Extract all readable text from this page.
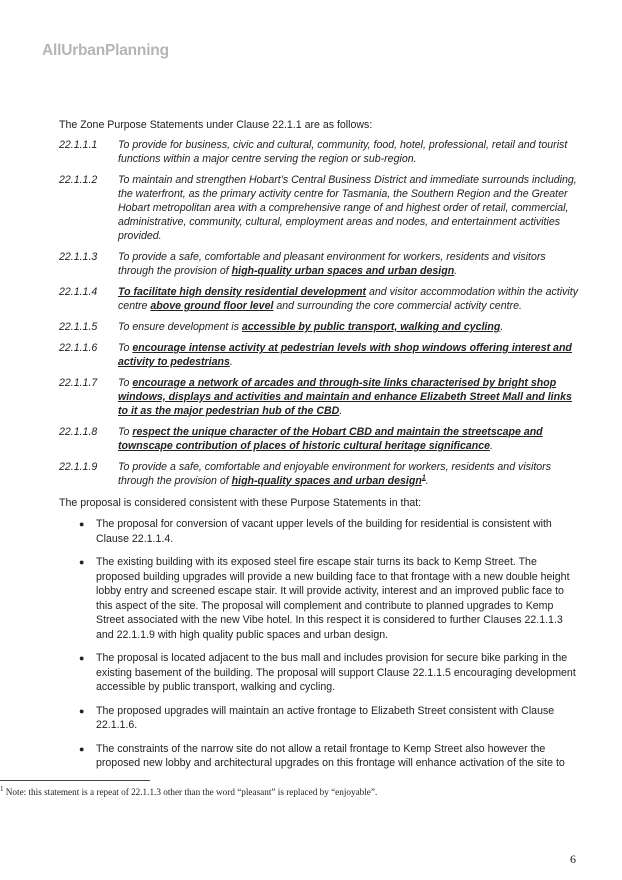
AllUrbanPlanning

The Zone Purpose Statements under Clause 22.1.1 are as follows:

22.1.1.1	To provide for business, civic and cultural, community, food, hotel, professional, retail and tourist functions within a major centre serving the region or sub-region.
22.1.1.2	To maintain and strengthen Hobart’s Central Business District and immediate surrounds including, the waterfront, as the primary activity centre for Tasmania, the Southern Region and the Greater Hobart metropolitan area with a comprehensive range of and highest order of retail, commercial, administrative, community, cultural, employment areas and nodes, and entertainment activities provided.
22.1.1.3	To provide a safe, comfortable and pleasant environment for workers, residents and visitors through the provision of high-quality urban spaces and urban design.
22.1.1.4	To facilitate high density residential development and visitor accommodation within the activity centre above ground floor level and surrounding the core commercial activity centre.
22.1.1.5	To ensure development is accessible by public transport, walking and cycling.
22.1.1.6	To encourage intense activity at pedestrian levels with shop windows offering interest and activity to pedestrians.
22.1.1.7	To encourage a network of arcades and through-site links characterised by bright shop windows, displays and activities and maintain and enhance Elizabeth Street Mall and links to it as the major pedestrian hub of the CBD.
22.1.1.8	To respect the unique character of the Hobart CBD and maintain the streetscape and townscape contribution of places of historic cultural heritage significance.
22.1.1.9	To provide a safe, comfortable and enjoyable environment for workers, residents and visitors through the provision of high-quality spaces and urban design$^1$.

The proposal is considered consistent with these Purpose Statements in that:

●	The proposal for conversion of vacant upper levels of the building for residential is consistent with Clause 22.1.1.4.
●	The existing building with its exposed steel fire escape stair turns its back to Kemp Street. The proposed building upgrades will provide a new building face to that frontage with a new double height lobby entry and screened escape stair. It will provide activity, interest and an improved public face to this aspect of the site. The proposal will complement and contribute to planned upgrades to Kemp Street associated with the new Vibe hotel. In this respect it is considered to further Clauses 22.1.1.3 and 22.1.1.9 with high quality public spaces and urban design.
●	The proposal is located adjacent to the bus mall and includes provision for secure bike parking in the existing basement of the building. The proposal will support Clause 22.1.1.5 encouraging development accessible by public transport, walking and cycling.
●	The proposed upgrades will maintain an active frontage to Elizabeth Street consistent with Clause 22.1.1.6.
●	The constraints of the narrow site do not allow a retail frontage to Kemp Street also however the proposed new lobby and architectural upgrades on this frontage will enhance activation of the site to
$^1$ Note: this statement is a repeat of 22.1.1.3 other than the word “pleasant” is replaced by “enjoyable”.
6
